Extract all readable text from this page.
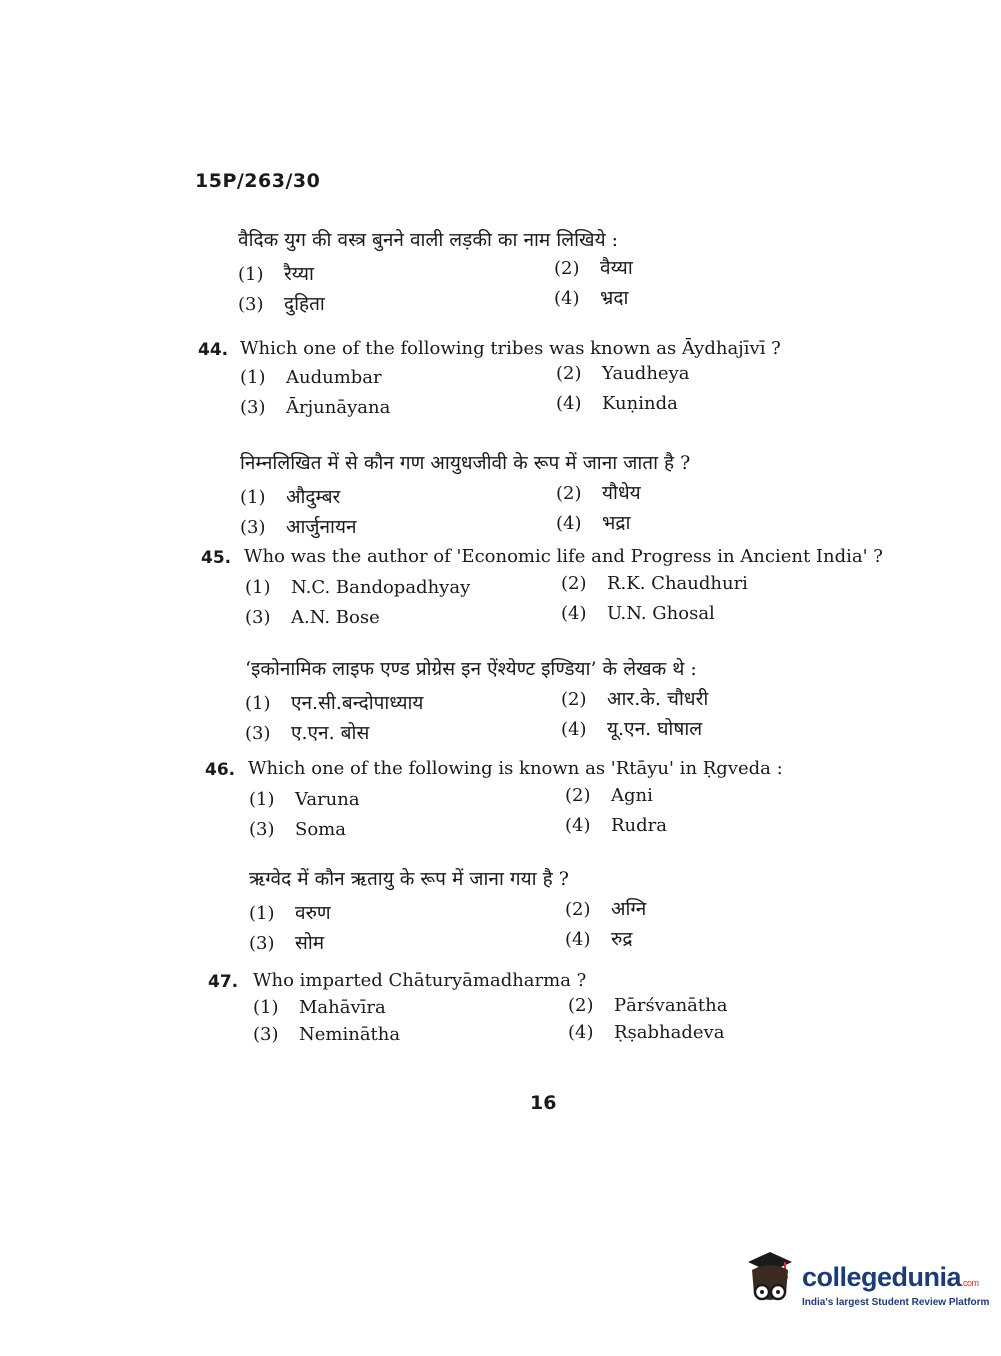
15P/263/30
वैदिक युग की वस्त्र बुनने वाली लड़की का नाम लिखिये :
(1) रैय्या	(2) वैय्या
(3) दुहिता	(4) भ्रदा
44. Which one of the following tribes was known as Āydhajīvī ?
(1) Audumbar	(2) Yaudheya
(3) Ārjunāyana	(4) Kuṇinda
निम्नलिखित में से कौन गण आयुधजीवी के रूप में जाना जाता है ?
(1) औदुम्बर	(2) यौधेय
(3) आर्जुनायन	(4) भद्रा
45. Who was the author of 'Economic life and Progress in Ancient India' ?
(1) N.C. Bandopadhyay	(2) R.K. Chaudhuri
(3) A.N. Bose	(4) U.N. Ghosal
‘इकोनामिक लाइफ एण्ड प्रोग्रेस इन ऐंश्येण्ट इण्डिया’ के लेखक थे :
(1) एन.सी.बन्दोपाध्याय	(2) आर.के. चौधरी
(3) ए.एन. बोस	(4) यू.एन. घोषाल
46. Which one of the following is known as 'Rtāyu' in Ṛgveda :
(1) Varuna	(2) Agni
(3) Soma	(4) Rudra
ऋग्वेद में कौन ऋतायु के रूप में जाना गया है ?
(1) वरुण	(2) अग्नि
(3) सोम	(4) रुद्र
47. Who imparted Chāturyāmadharma ?
(1) Mahāvīra	(2) Pārśvanātha
(3) Neminātha	(4) Ṛṣabhadeva
16
collegedunia.com
India's largest Student Review Platform
